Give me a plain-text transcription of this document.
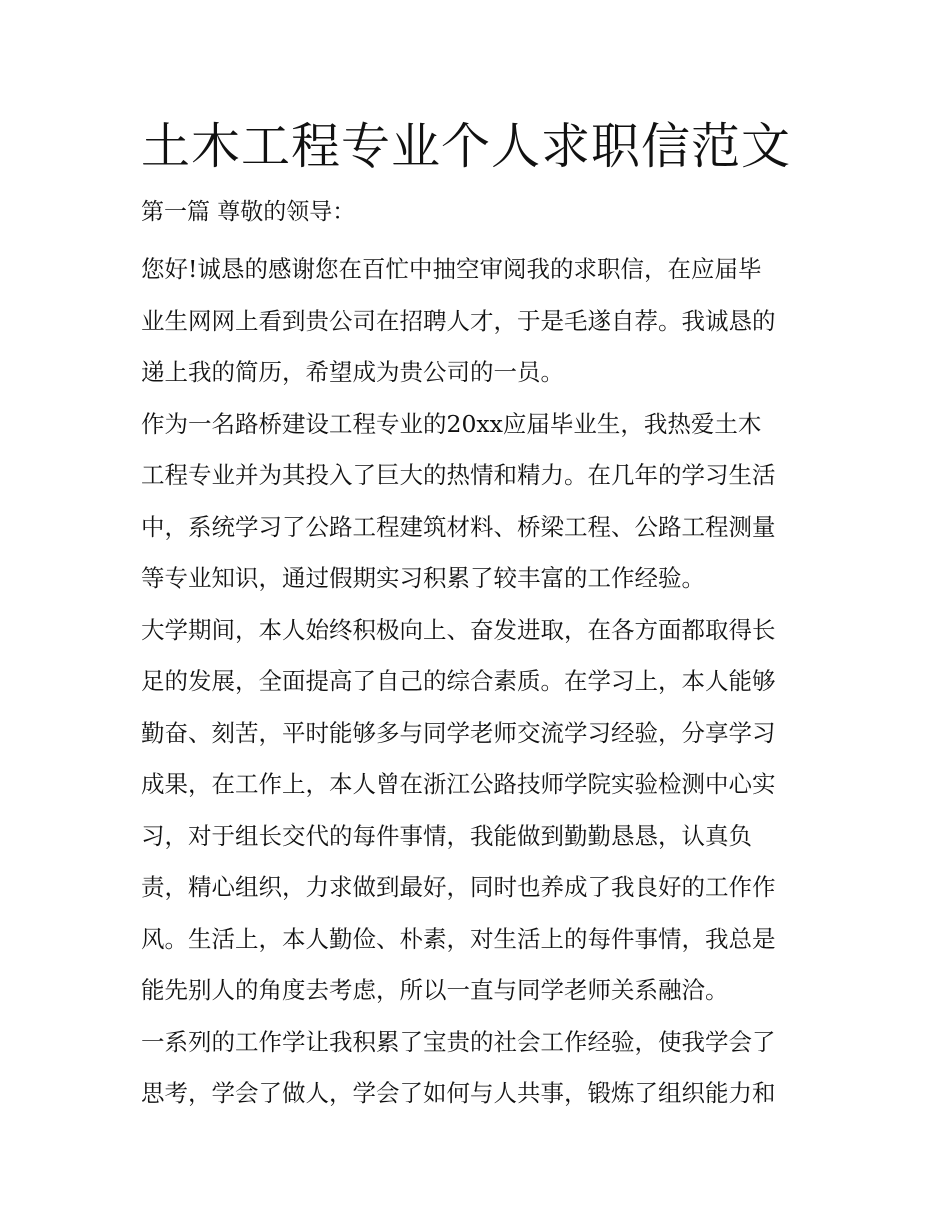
土木工程专业个人求职信范文

第一篇 尊敬的领导：

您好!诚恳的感谢您在百忙中抽空审阅我的求职信，在应届毕

业生网网上看到贵公司在招聘人才，于是毛遂自荐。我诚恳的

递上我的简历，希望成为贵公司的一员。

作为一名路桥建设工程专业的20xx应届毕业生，我热爱土木

工程专业并为其投入了巨大的热情和精力。在几年的学习生活

中，系统学习了公路工程建筑材料、桥梁工程、公路工程测量

等专业知识，通过假期实习积累了较丰富的工作经验。

大学期间，本人始终积极向上、奋发进取，在各方面都取得长

足的发展，全面提高了自己的综合素质。在学习上，本人能够

勤奋、刻苦，平时能够多与同学老师交流学习经验，分享学习

成果，在工作上，本人曾在浙江公路技师学院实验检测中心实

习，对于组长交代的每件事情，我能做到勤勤恳恳，认真负

责，精心组织，力求做到最好，同时也养成了我良好的工作作

风。生活上，本人勤俭、朴素，对生活上的每件事情，我总是

能先别人的角度去考虑，所以一直与同学老师关系融洽。

一系列的工作学让我积累了宝贵的社会工作经验，使我学会了

思考，学会了做人，学会了如何与人共事，锻炼了组织能力和
